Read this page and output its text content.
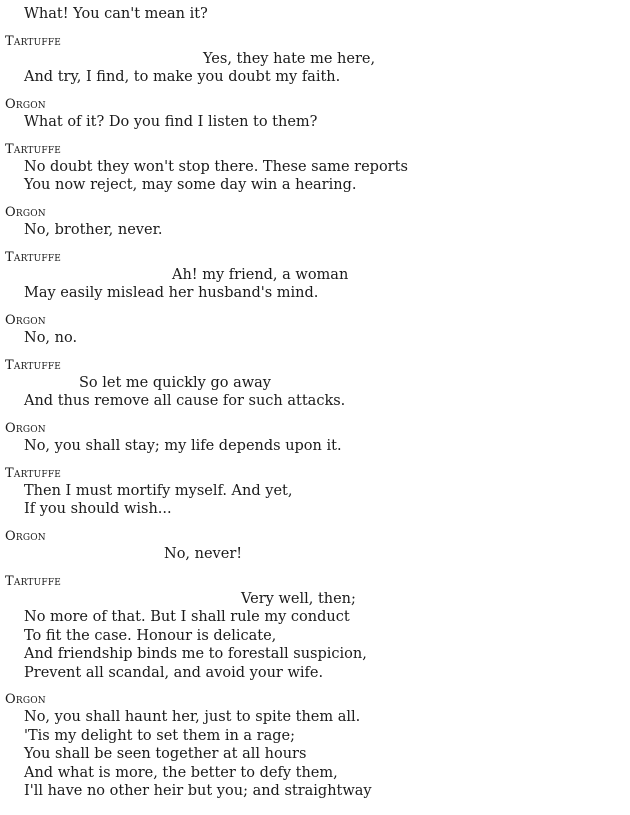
What! You can't mean it?
Tartuffe
Yes, they hate me here,
And try, I find, to make you doubt my faith.
Orgon
What of it? Do you find I listen to them?
Tartuffe
No doubt they won't stop there. These same reports
You now reject, may some day win a hearing.
Orgon
No, brother, never.
Tartuffe
Ah! my friend, a woman
May easily mislead her husband's mind.
Orgon
No, no.
Tartuffe
So let me quickly go away
And thus remove all cause for such attacks.
Orgon
No, you shall stay; my life depends upon it.
Tartuffe
Then I must mortify myself. And yet,
If you should wish...
Orgon
No, never!
Tartuffe
Very well, then;
No more of that. But I shall rule my conduct
To fit the case. Honour is delicate,
And friendship binds me to forestall suspicion,
Prevent all scandal, and avoid your wife.
Orgon
No, you shall haunt her, just to spite them all.
'Tis my delight to set them in a rage;
You shall be seen together at all hours
And what is more, the better to defy them,
I'll have no other heir but you; and straightway
